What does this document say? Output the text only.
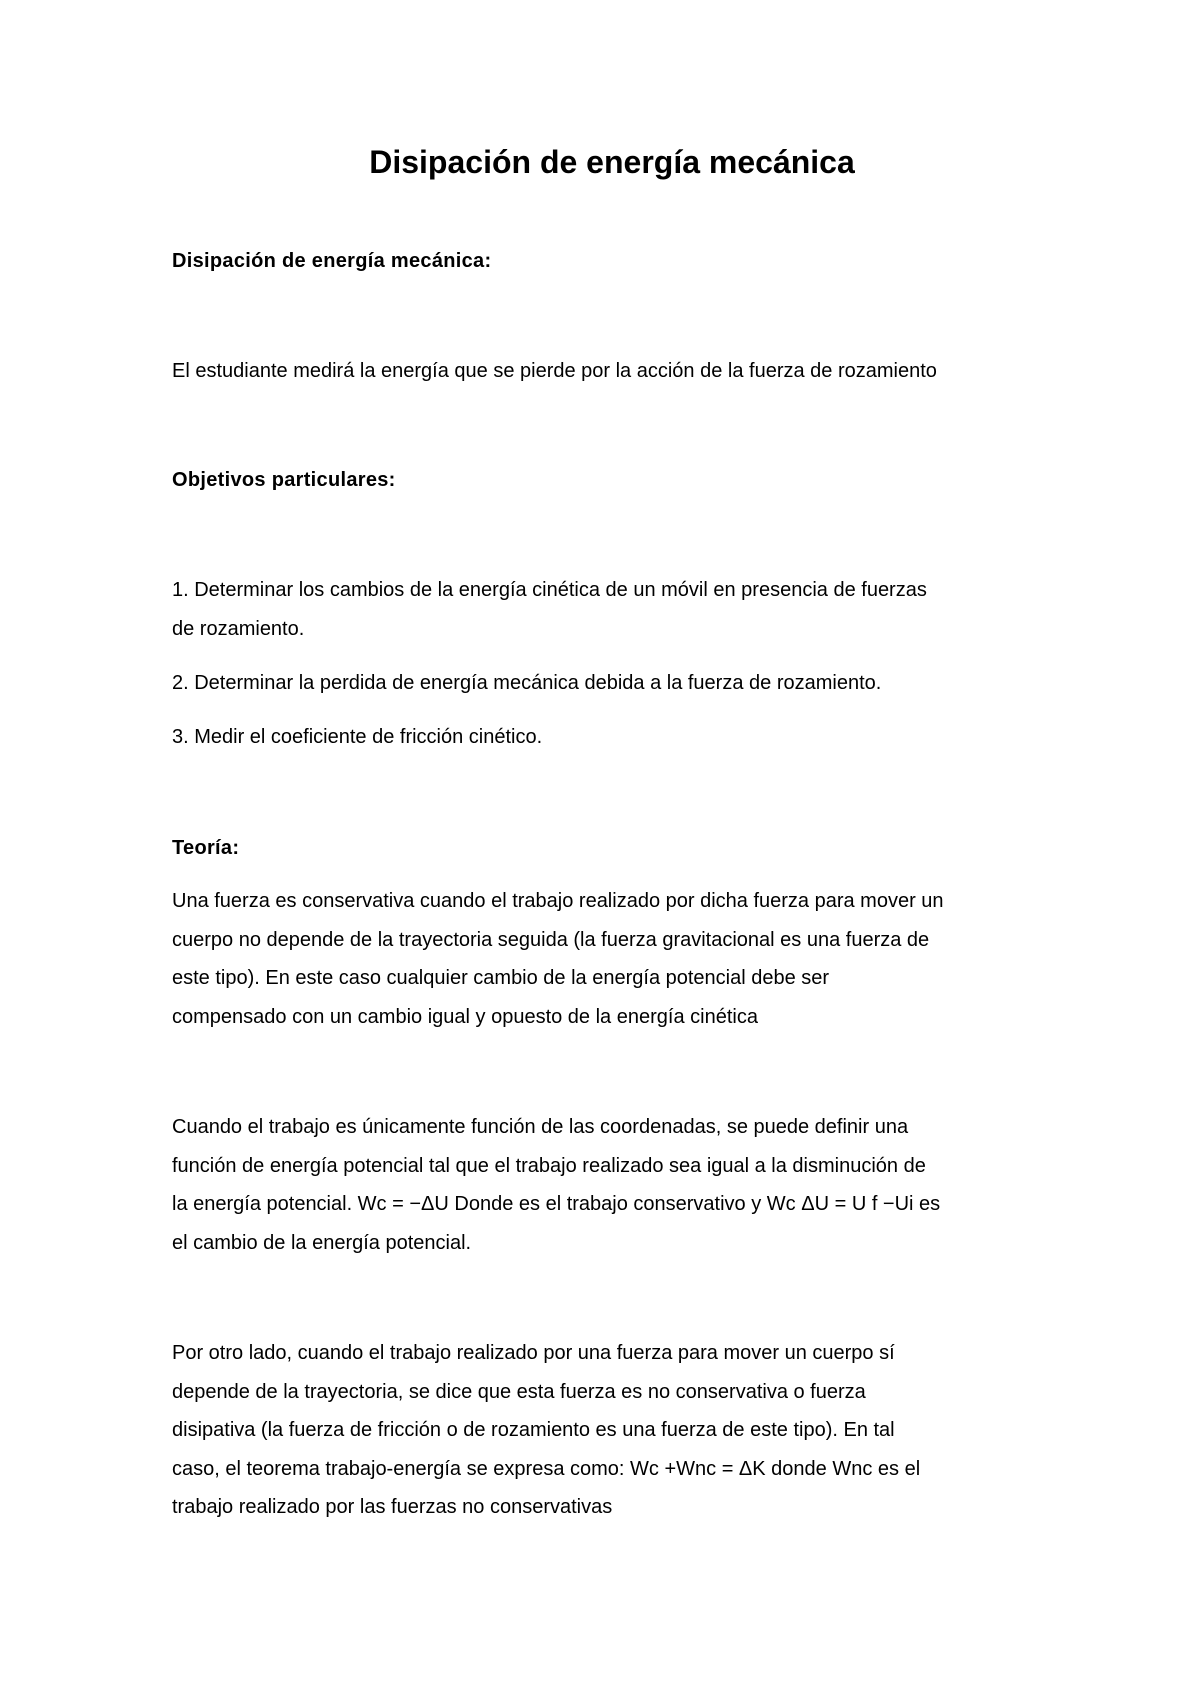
Disipación de energía mecánica
Disipación de energía mecánica:

El estudiante medirá la energía que se pierde por la acción de la fuerza de rozamiento

Objetivos particulares:
1. Determinar los cambios de la energía cinética de un móvil en presencia de fuerzas
de rozamiento.
2. Determinar la perdida de energía mecánica debida a la fuerza de rozamiento.
3. Medir el coeficiente de fricción cinético.
Teoría:
Una fuerza es conservativa cuando el trabajo realizado por dicha fuerza para mover un
cuerpo no depende de la trayectoria seguida (la fuerza gravitacional es una fuerza de
este tipo). En este caso cualquier cambio de la energía potencial debe ser
compensado con un cambio igual y opuesto de la energía cinética
Cuando el trabajo es únicamente función de las coordenadas, se puede definir una
función de energía potencial tal que el trabajo realizado sea igual a la disminución de
la energía potencial. Wc = −ΔU Donde es el trabajo conservativo y Wc ΔU = U f −Ui es
el cambio de la energía potencial.
Por otro lado, cuando el trabajo realizado por una fuerza para mover un cuerpo sí
depende de la trayectoria, se dice que esta fuerza es no conservativa o fuerza
disipativa (la fuerza de fricción o de rozamiento es una fuerza de este tipo). En tal
caso, el teorema trabajo-energía se expresa como: Wc +Wnc = ΔK donde Wnc es el
trabajo realizado por las fuerzas no conservativas
